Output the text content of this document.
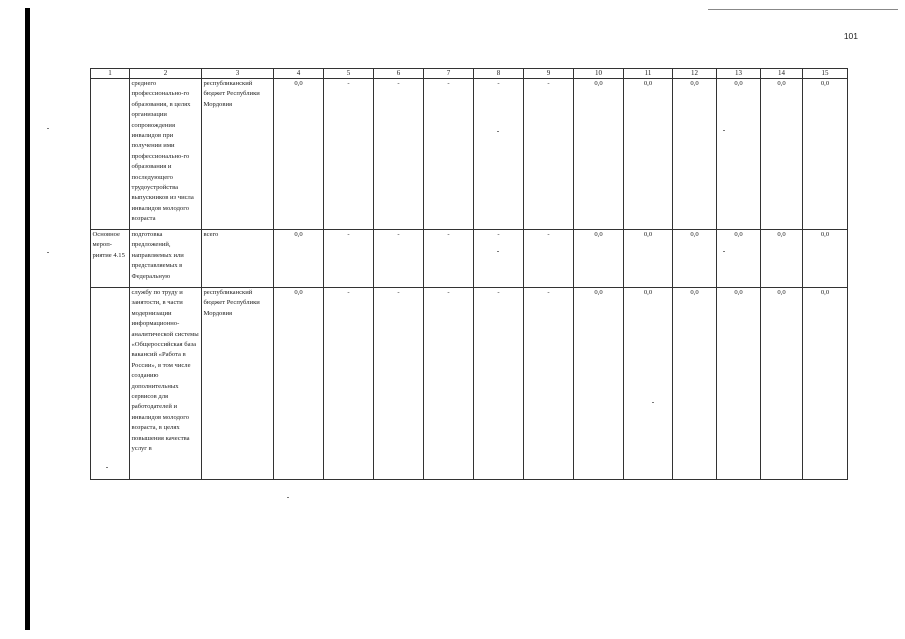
101
1	2	3	4	5	6	7	8	9	10	11	12	13	14	15
	среднего профессионально-го образования, в целях организации сопровождения инвалидов при получении ими профессионально-го образования и последующего трудоустройства выпускников из числа инвалидов молодого возраста	республиканский бюджет Республики Мордовия	0,0	-	-	-	-	-	0,0	0,0	0,0	0,0	0,0	0,0
Основное мероп-риятие 4.15	подготовка предложений, направляемых или представляемых в Федеральную	всего	0,0	-	-	-	-	-	0,0	0,0	0,0	0,0	0,0	0,0
	службу по труду и занятости, в части модернизации информационно-аналитической системы «Общероссийская база вакансий «Работа в России», в том числе созданию дополнительных сервисов для работодателей и инвалидов молодого возраста, в целях повышения качества услуг в	республиканский бюджет Республики Мордовия	0,0	-	-	-	-	-	0,0	0,0	0,0	0,0	0,0	0,0
